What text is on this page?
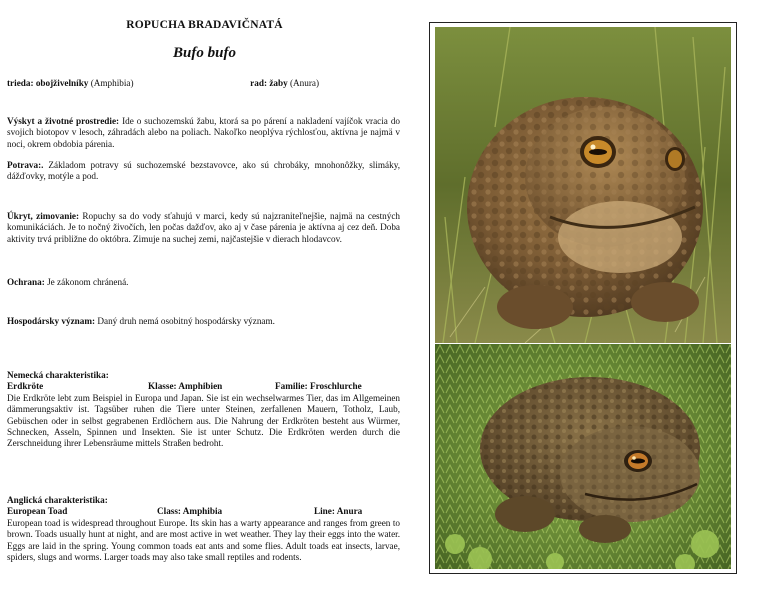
ROPUCHA BRADAVIČNATÁ
Bufo bufo
trieda: obojživelníky (Amphibia)	rad: žaby (Anura)
Výskyt a životné prostredie: Ide o suchozemskú žabu, ktorá sa po párení a nakladení vajíčok vracia do svojich biotopov v lesoch, záhradách alebo na poliach. Nakoľko neoplýva rýchlosťou, aktívna je najmä v noci, okrem obdobia párenia.
Potrava:. Základom potravy sú suchozemské bezstavovce, ako sú chrobáky, mnohonôžky, slimáky, dážďovky, motýle a pod.
Úkryt, zimovanie: Ropuchy sa do vody sťahujú v marci, kedy sú najzraniteľnejšie, najmä na cestných komunikáciách. Je to nočný živočích, len počas dažďov, ako aj v čase párenia je aktívna aj cez deň. Doba aktivity trvá približne do októbra. Zimuje na suchej zemi, najčastejšie v dierach hlodavcov.
Ochrana: Je zákonom chránená.
Hospodársky význam: Daný druh nemá osobitný hospodársky význam.
Nemecká charakteristika:
Erdkröte	Klasse: Amphibien	Familie: Froschlurche
Die Erdkröte lebt zum Beispiel in Europa und Japan. Sie ist ein wechselwarmes Tier, das im Allgemeinen dämmerungsaktiv ist. Tagsüber ruhen die Tiere unter Steinen, zerfallenen Mauern, Totholz, Laub, Gebüschen oder in selbst gegrabenen Erdlöchern aus. Die Nahrung der Erdkröten besteht aus Würmer, Schnecken, Asseln, Spinnen und Insekten. Sie ist unter Schutz. Die Erdkröten werden durch die Zerschneidung ihrer Lebensräume mittels Straßen bedroht.
Anglická charakteristika:
European Toad	Class: Amphibia	Line: Anura
European toad is widespread throughout Europe. Its skin has a warty appearance and ranges from green to brown. Toads usually hunt at night, and are most active in wet weather. They lay their eggs into the water. Eggs are laid in the spring. Young common toads eat ants and some flies. Adult toads eat insects, larvae, spiders, slugs and worms. Larger toads may also take small reptiles and rodents.
